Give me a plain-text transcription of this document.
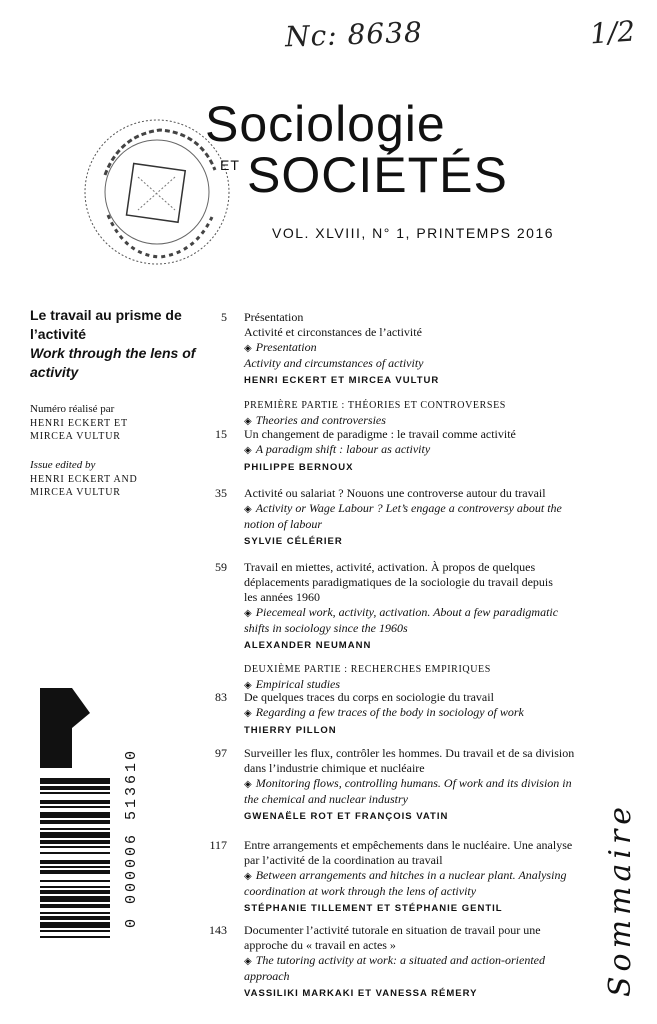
Nc: 8638	1/2
Sociologie
ET SOCIÉTÉS
VOL. XLVIII, N° 1, PRINTEMPS 2016
Le travail au prisme de l’activité
Work through the lens of activity
Numéro réalisé par
HENRI ECKERT ET
MIRCEA VULTUR
Issue edited by
HENRI ECKERT AND
MIRCEA VULTUR
5 Présentation
Activité et circonstances de l’activité
◈ Presentation
Activity and circumstances of activity
HENRI ECKERT ET MIRCEA VULTUR
PREMIÈRE PARTIE : THÉORIES ET CONTROVERSES
◈ Theories and controversies
15 Un changement de paradigme : le travail comme activité
◈ A paradigm shift : labour as activity
PHILIPPE BERNOUX
35 Activité ou salariat ? Nouons une controverse autour du travail
◈ Activity or Wage Labour ? Let’s engage a controversy about the
notion of labour
SYLVIE CÉLÉRIER
59 Travail en miettes, activité, activation. À propos de quelques
déplacements paradigmatiques de la sociologie du travail depuis
les années 1960
◈ Piecemeal work, activity, activation. About a few paradigmatic
shifts in sociology since the 1960s
ALEXANDER NEUMANN
DEUXIÈME PARTIE : RECHERCHES EMPIRIQUES
◈ Empirical studies
83 De quelques traces du corps en sociologie du travail
◈ Regarding a few traces of the body in sociology of work
THIERRY PILLON
97 Surveiller les flux, contrôler les hommes. Du travail et de sa division
dans l’industrie chimique et nucléaire
◈ Monitoring flows, controlling humans. Of work and its division in
the chemical and nuclear industry
GWENAËLE ROT ET FRANÇOIS VATIN
117 Entre arrangements et empêchements dans le nucléaire. Une analyse
par l’activité de la coordination au travail
◈ Between arrangements and hitches in a nuclear plant. Analysing
coordination at work through the lens of activity
STÉPHANIE TILLEMENT ET STÉPHANIE GENTIL
143 Documenter l’activité tutorale en situation de travail pour une
approche du « travail en actes »
◈ The tutoring activity at work: a situated and action-oriented approach
VASSILIKI MARKAKI ET VANESSA RÉMERY
0 000006 513610	Sommaire
